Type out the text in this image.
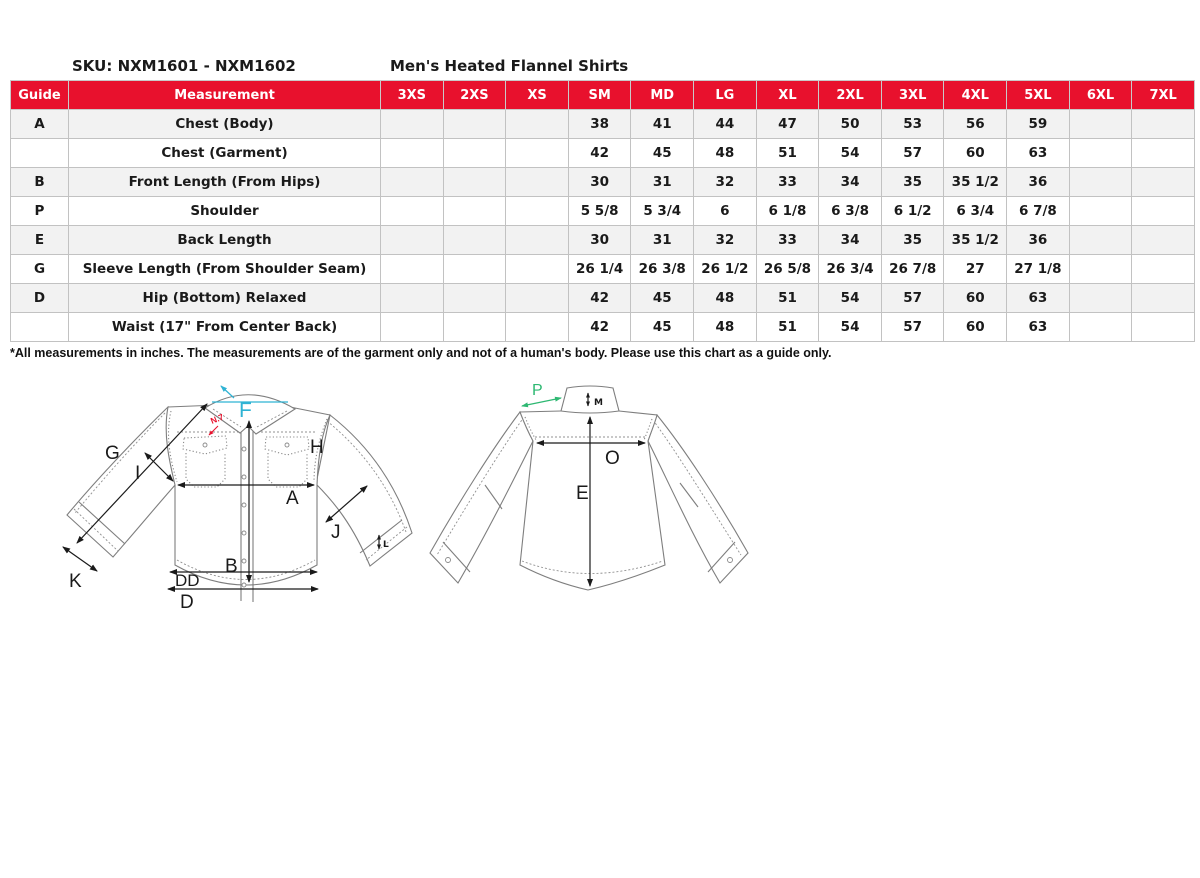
SKU: NXM1601 - NXM1602	Men's Heated Flannel Shirts
Guide	Measurement	3XS	2XS	XS	SM	MD	LG	XL	2XL	3XL	4XL	5XL	6XL	7XL
A	Chest (Body)				38	41	44	47	50	53	56	59		
	Chest (Garment)				42	45	48	51	54	57	60	63		
B	Front Length (From Hips)				30	31	32	33	34	35	35 1/2	36		
P	Shoulder				5 5/8	5 3/4	6	6 1/8	6 3/8	6 1/2	6 3/4	6 7/8		
E	Back Length				30	31	32	33	34	35	35 1/2	36		
G	Sleeve Length (From Shoulder Seam)				26 1/4	26 3/8	26 1/2	26 5/8	26 3/4	26 7/8	27	27 1/8		
D	Hip (Bottom) Relaxed				42	45	48	51	54	57	60	63		
	Waist (17" From Center Back)				42	45	48	51	54	57	60	63		
*All measurements in inches. The measurements are of the garment only and not of a human's body. Please use this chart as a guide only.
F
N.7
G
I
H
A
J
B
K	DD
D
L
M
P
E
O
